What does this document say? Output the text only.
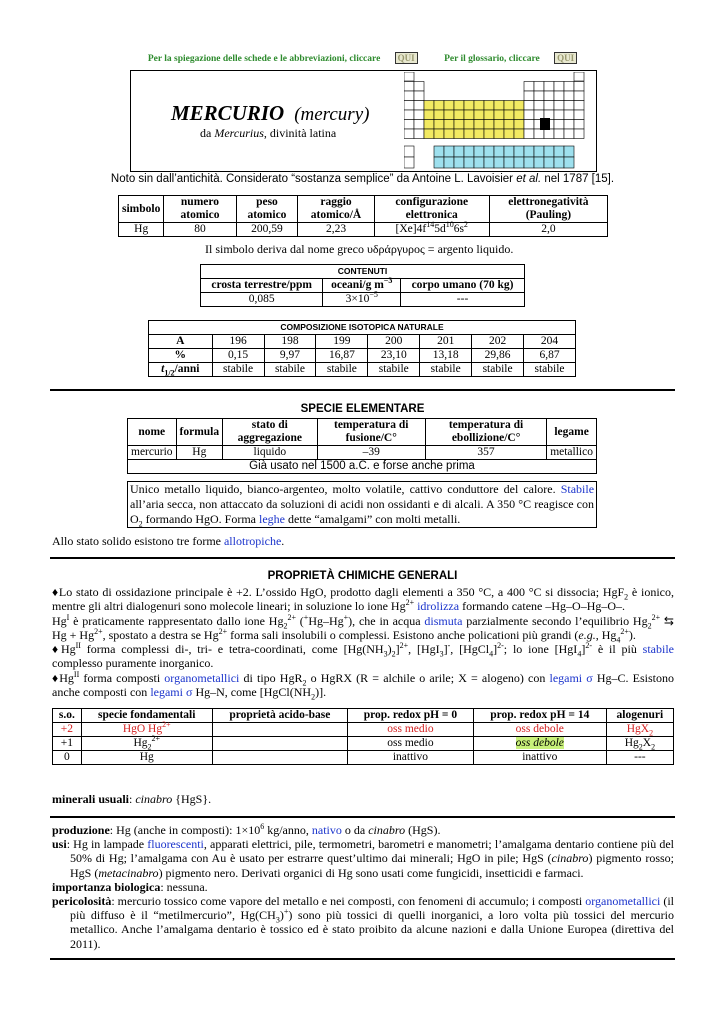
Per la spiegazione delle schede e le abbreviazioni, cliccare QUI	Per il glossario, cliccare QUI
MERCURIO (mercury)
da Mercurius, divinità latina
Noto sin dall’antichità. Considerato “sostanza semplice” da Antoine L. Lavoisier et al. nel 1787 [15].
simbolo	numero atomico	peso atomico	raggio atomico/Å	configurazione elettronica	elettronegatività (Pauling)
Hg	80	200,59	2,23	$[Xe]4f^{14}5d^{10}6s^2$	2,0
Il simbolo deriva dal nome greco υδράργυρος = argento liquido.
CONTENUTI		
crosta terrestre/ppm	oceani/g $m^{-3}$	corpo umano (70 kg)
0,085	$3\times 10^{-5}$	---
COMPOSIZIONE ISOTOPICA NATURALE							
A	196	198	199	200	201	202	204
%	0,15	9,97	16,87	23,10	13,18	29,86	6,87
$t_{1/2}$/anni	stabile	stabile	stabile	stabile	stabile	stabile	stabile
SPECIE ELEMENTARE
nome	formula	stato di aggregazione	temperatura di fusione/C°	temperatura di ebollizione/C°	legame
mercurio	Hg	liquido	–39	357	metallico
Già usato nel 1500 a.C. e forse anche prima					
Unico metallo liquido, bianco-argenteo, molto volatile, cattivo conduttore del calore. Stabile all’aria secca, non attaccato da soluzioni di acidi non ossidanti e di alcali. A 350 °C reagisce con $O_2$ formando HgO. Forma leghe dette “amalgami” con molti metalli.
Allo stato solido esistono tre forme allotropiche.
PROPRIETÀ CHIMICHE GENERALI
♦Lo stato di ossidazione principale è +2. L’ossido HgO, prodotto dagli elementi a 350 °C, a 400 °C si dissocia; HgF$_2$ è ionico, mentre gli altri dialogenuri sono molecole lineari; in soluzione lo ione $Hg^{2+}$ idrolizza formando catene –Hg–O–Hg–O–.
$Hg^I$ è praticamente rappresentato dallo ione $Hg_2^{2+}$ (+Hg–Hg+), che in acqua dismuta parzialmente secondo l’equilibrio $Hg_2^{2+}$ ⇆ $Hg + Hg^{2+}$, spostato a destra se $Hg^{2+}$ forma sali insolubili o complessi. Esistono anche policationi più grandi (e.g., $Hg_4^{2+}$).
$♦Hg^{II}$ forma complessi di-, tri- e tetra-coordinati, come $[Hg(NH_3)_2]^{2+}$, [HgI$_3$]-, [HgCl$_4$]$^{2-}$; lo ione $[HgI_4]^{2-}$ è il più stabile complesso puramente inorganico.
$♦Hg^{II}$ forma composti organometallici di tipo HgR$_2$ o HgRX (R = alchile o arile; X = alogeno) con legami σ Hg–C. Esistono anche composti con legami σ Hg–N, come $[HgCl(NH_2)]$.
s.o.	specie fondamentali	proprietà acido-base	prop. redox pH = 0	prop. redox pH = 14	alogenuri
+2	HgO $Hg^{2+}$		oss medio	oss debole	HgX$_2$
+1	$Hg_2^{2+}$		oss medio	oss debole	$Hg_2X_2$
0	Hg		inattivo	inattivo	---
minerali usuali: cinabro {HgS}.

produzione: Hg (anche in composti): $1\times 10^6$ kg/anno, nativo o da cinabro (HgS).

usi: Hg in lampade fluorescenti, apparati elettrici, pile, termometri, barometri e manometri; l’amalgama dentario contiene più del 50% di Hg; l’amalgama con Au è usato per estrarre quest’ultimo dai minerali; HgO in pile; HgS (cinabro) pigmento rosso; HgS (metacinabro) pigmento nero. Derivati organici di Hg sono usati come fungicidi, insetticidi e farmaci.

importanza biologica: nessuna.

pericolosità: mercurio tossico come vapore del metallo e nei composti, con fenomeni di accumulo; i composti organometallici (il più diffuso è il “metilmercurio”, $Hg(CH_3)^+$) sono più tossici di quelli inorganici, a loro volta più tossici del mercurio metallico. Anche l’amalgama dentario è tossico ed è stato proibito da alcune nazioni e dalla Unione Europea (direttiva del 2011).
